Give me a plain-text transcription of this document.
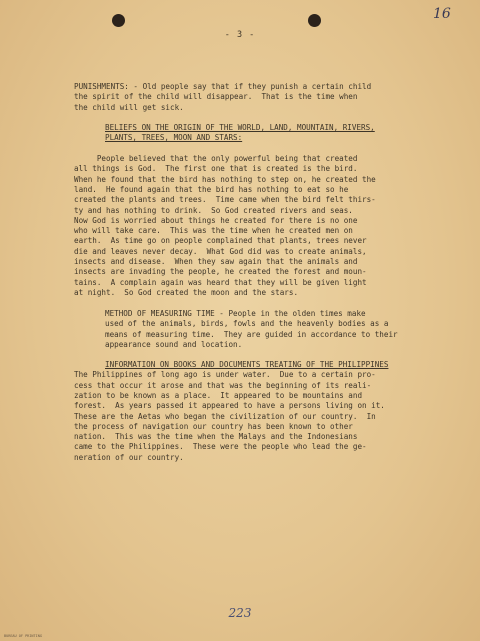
16
- 3 -
PUNISHMENTS: - Old people say that if they punish a certain child
the spirit of the child will disappear.  That is the time when
the child will get sick.
BELIEFS ON THE ORIGIN OF THE WORLD, LAND, MOUNTAIN, RIVERS,
PLANTS, TREES, MOON AND STARS:
People believed that the only powerful being that created
all things is God.  The first one that is created is the bird.
When he found that the bird has nothing to step on, he created the
land.  He found again that the bird has nothing to eat so he
created the plants and trees.  Time came when the bird felt thirs-
ty and has nothing to drink.  So God created rivers and seas.
Now God is worried about things he created for there is no one
who will take care.  This was the time when he created men on
earth.  As time go on people complained that plants, trees never
die and leaves never decay.  What God did was to create animals,
insects and disease.  When they saw again that the animals and
insects are invading the people, he created the forest and moun-
tains.  A complain again was heard that they will be given light
at night.  So God created the moon and the stars.
METHOD OF MEASURING TIME - People in the olden times make
used of the animals, birds, fowls and the heavenly bodies as a
means of measuring time.  They are guided in accordance to their
appearance sound and location.
INFORMATION ON BOOKS AND DOCUMENTS TREATING OF THE PHILIPPINES
The Philippines of long ago is under water.  Due to a certain pro-
cess that occur it arose and that was the beginning of its reali-
zation to be known as a place.  It appeared to be mountains and
forest.  As years passed it appeared to have a persons living on it.
These are the Aetas who began the civilization of our country.  In
the process of navigation our country has been known to other
nation.  This was the time when the Malays and the Indonesians
came to the Philippines.  These were the people who lead the ge-
neration of our country.
223
BUREAU OF PRINTING
